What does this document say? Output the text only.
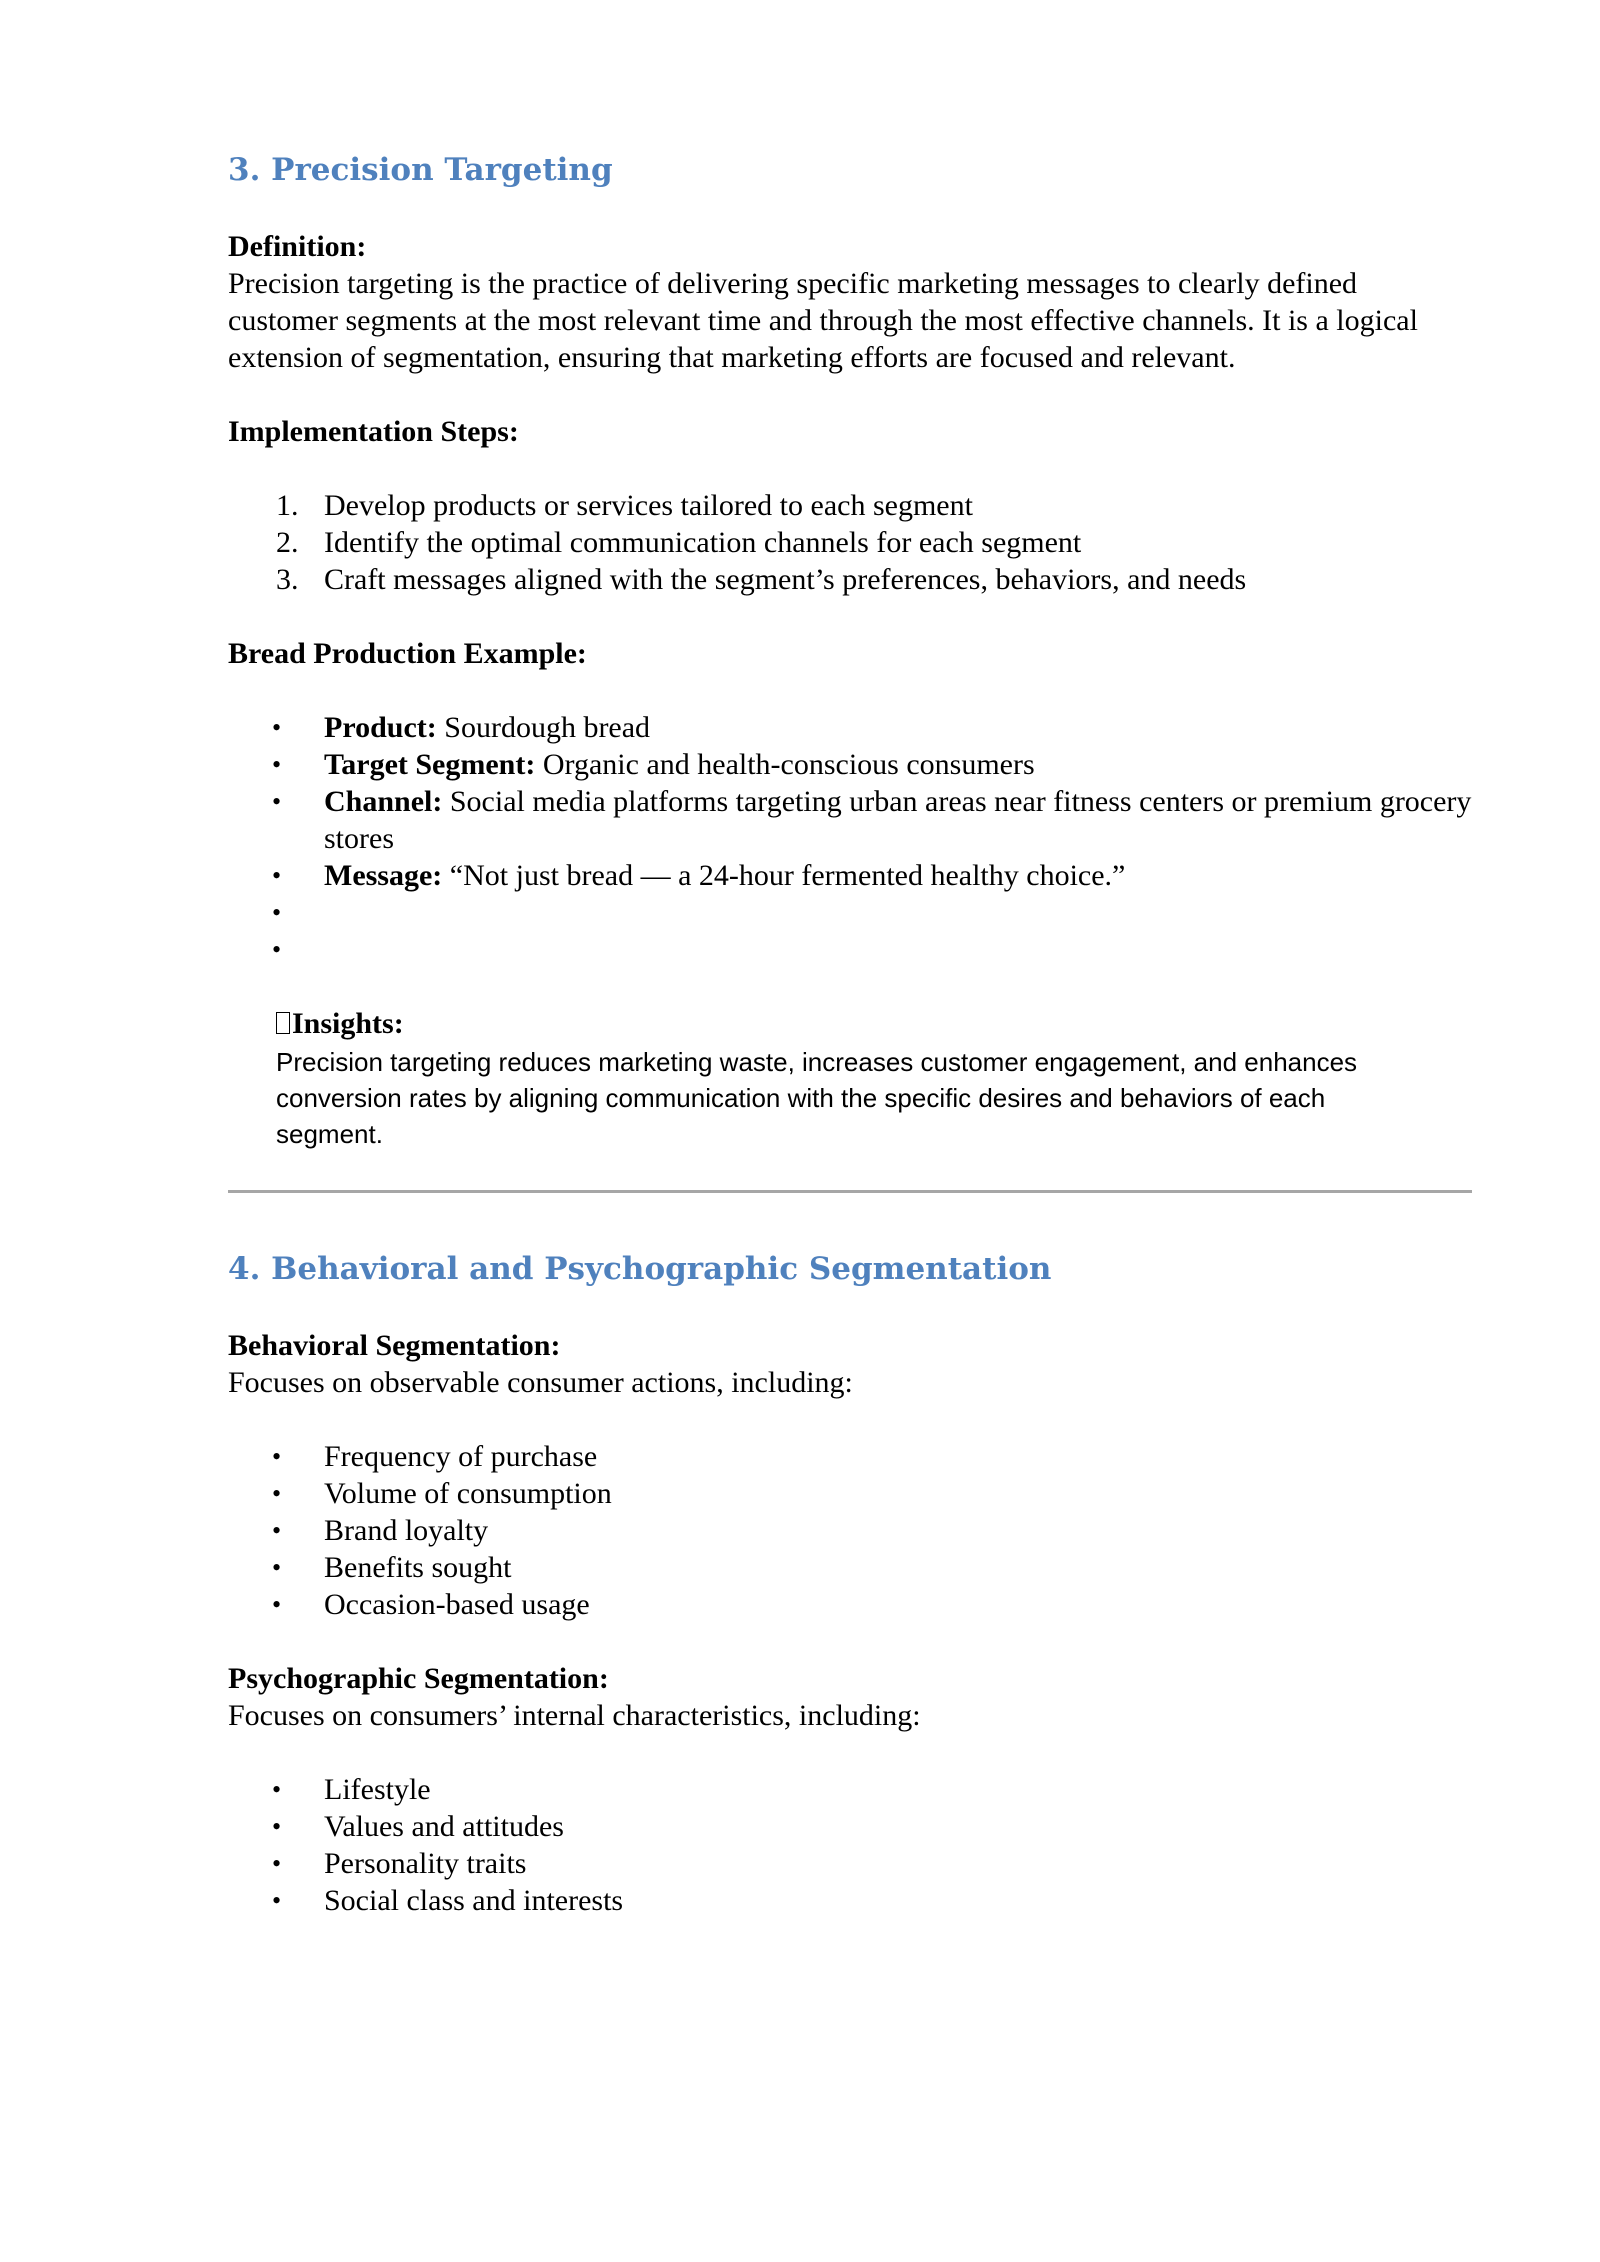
3. Precision Targeting

Definition:

Precision targeting is the practice of delivering specific marketing messages to clearly defined customer segments at the most relevant time and through the most effective channels. It is a logical extension of segmentation, ensuring that marketing efforts are focused and relevant.

Implementation Steps:

1. Develop products or services tailored to each segment
2. Identify the optimal communication channels for each segment
3. Craft messages aligned with the segment’s preferences, behaviors, and needs

Bread Production Example:

•	Product: Sourdough bread
•	Target Segment: Organic and health-conscious consumers
•	Channel: Social media platforms targeting urban areas near fitness centers or premium grocery stores
•	Message: “Not just bread — a 24-hour fermented healthy choice.”
•
•
Insights:
Precision targeting reduces marketing waste, increases customer engagement, and enhances conversion rates by aligning communication with the specific desires and behaviors of each segment.
4. Behavioral and Psychographic Segmentation

Behavioral Segmentation:

Focuses on observable consumer actions, including:

•	Frequency of purchase
•	Volume of consumption
•	Brand loyalty
•	Benefits sought
•	Occasion-based usage

Psychographic Segmentation:

Focuses on consumers’ internal characteristics, including:

•	Lifestyle
•	Values and attitudes
•	Personality traits
•	Social class and interests
